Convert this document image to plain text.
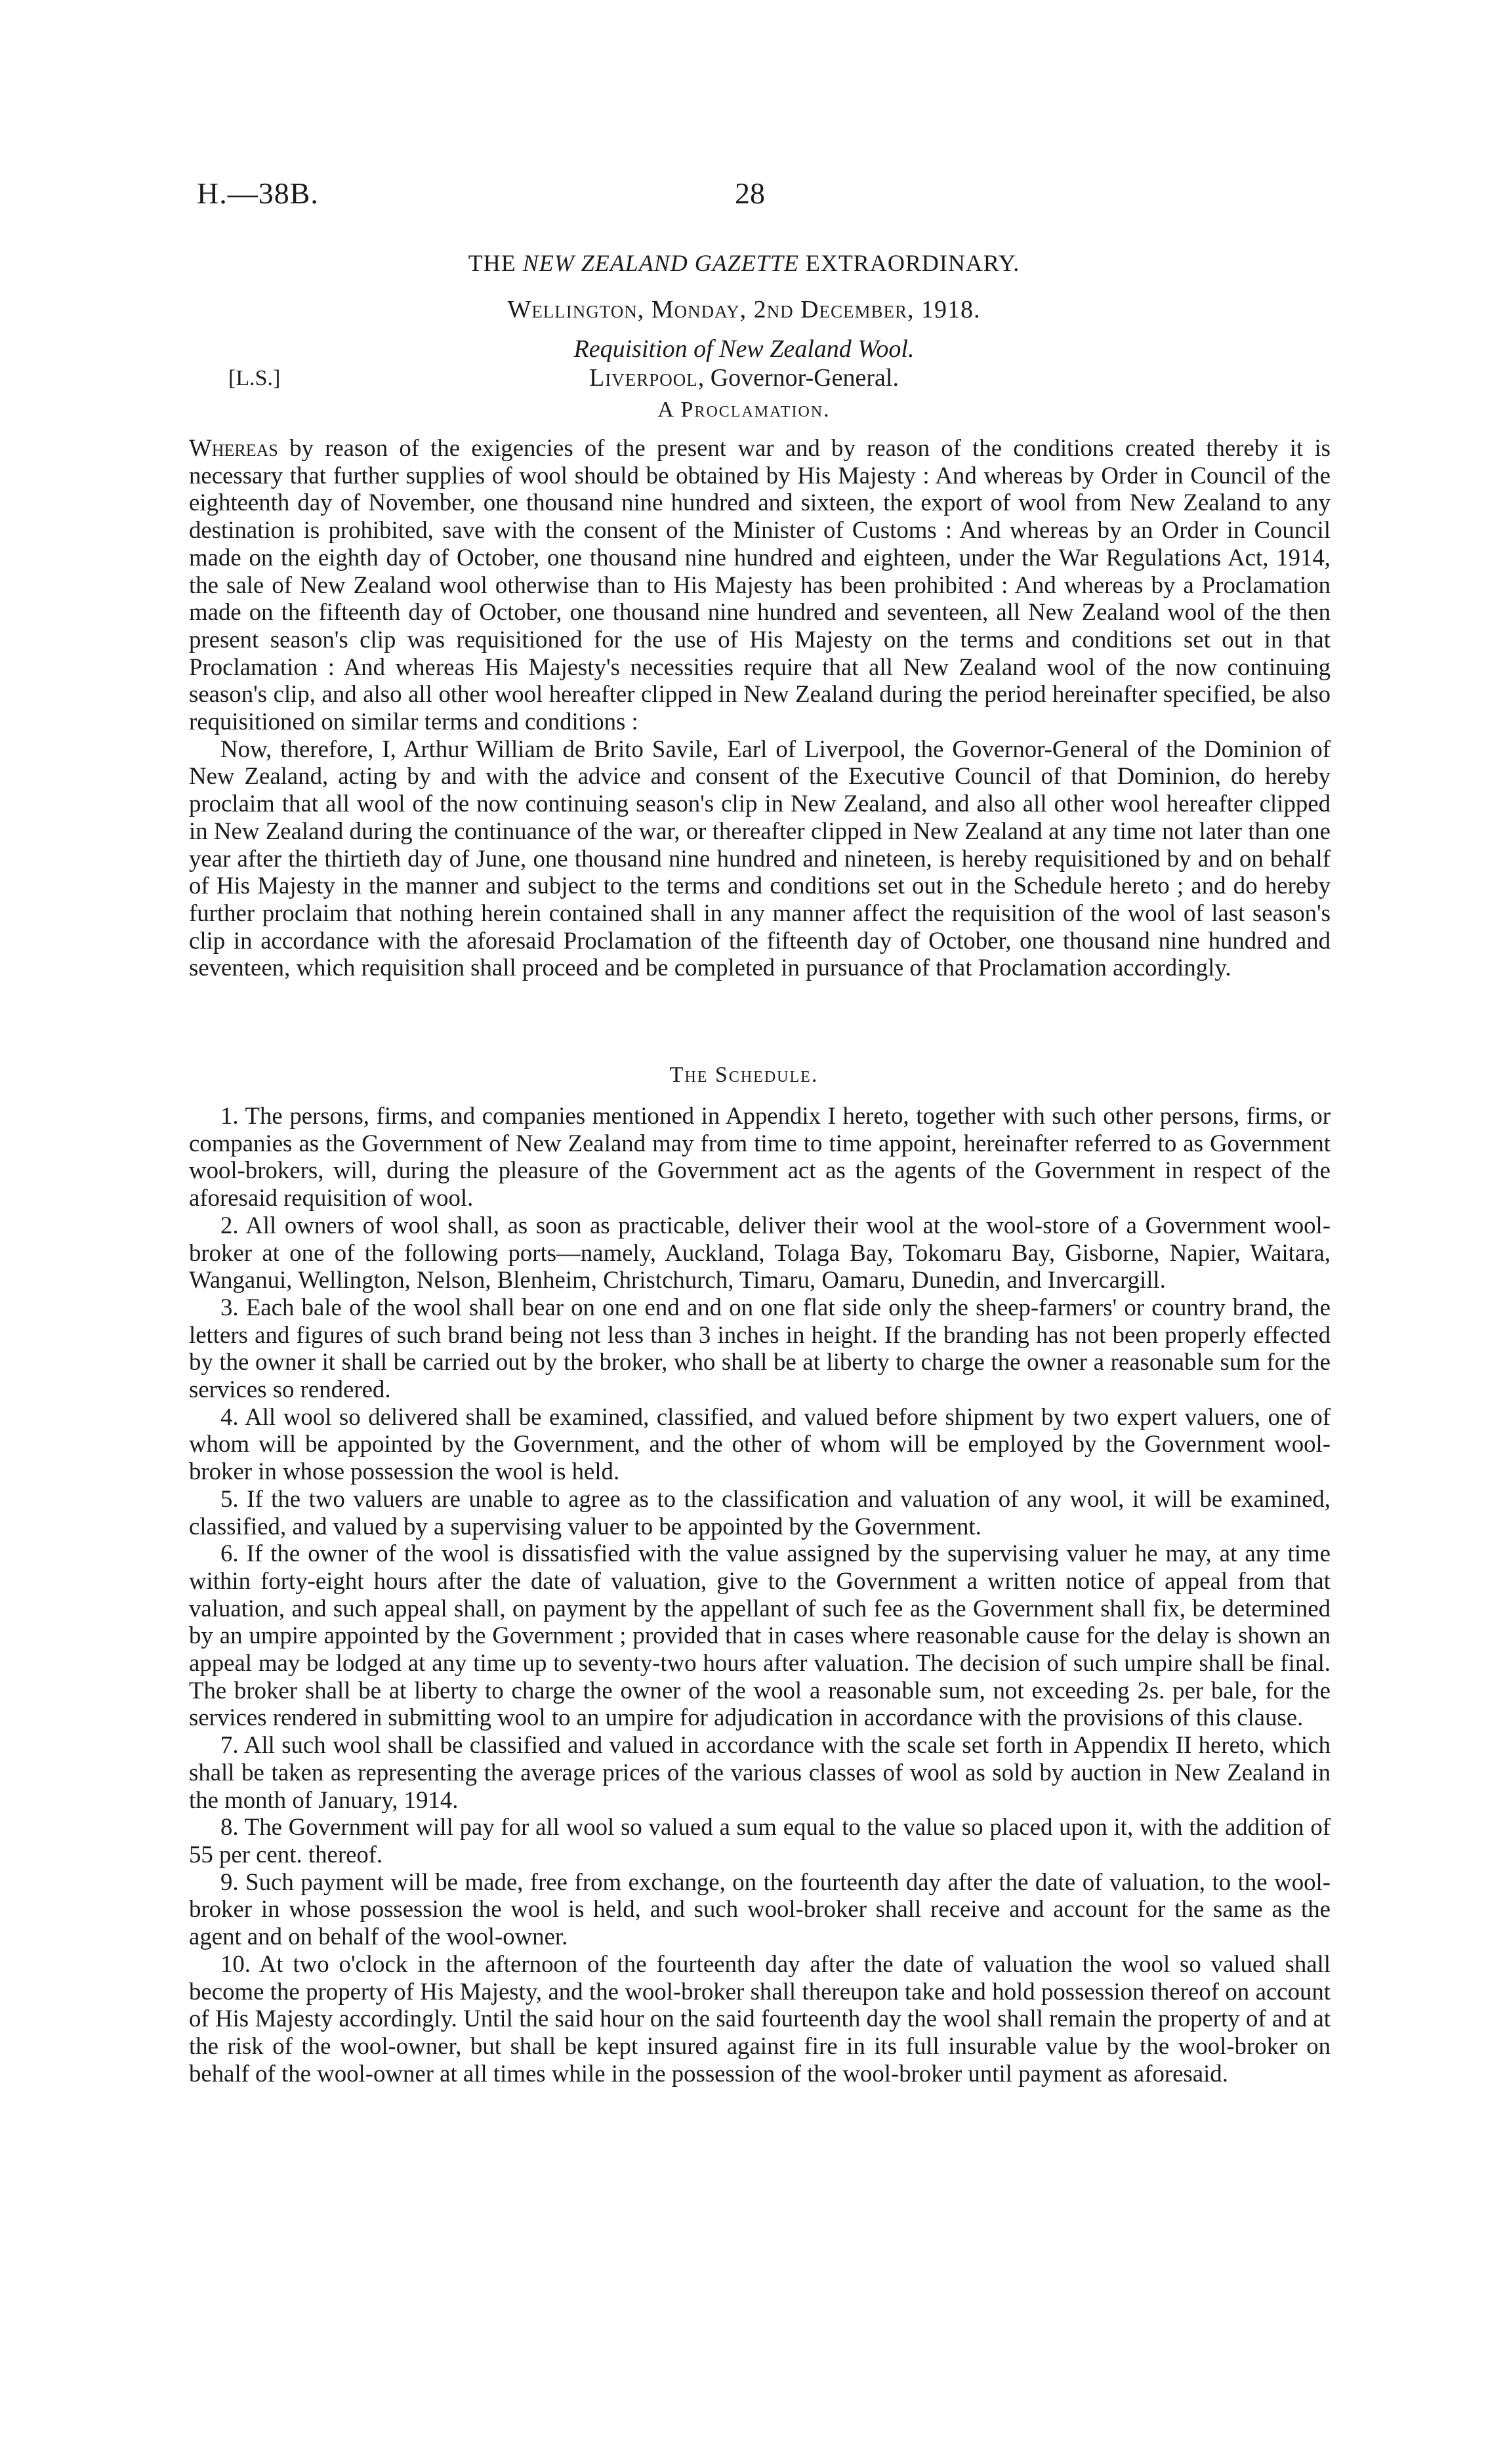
H.—38B.	28
THE NEW ZEALAND GAZETTE EXTRAORDINARY.
Wellington, Monday, 2nd December, 1918.
Requisition of New Zealand Wool.
[L.S.]	Liverpool, Governor-General.
A Proclamation.

Whereas by reason of the exigencies of the present war and by reason of the conditions created thereby it is necessary that further supplies of wool should be obtained by His Majesty : And whereas by Order in Council of the eighteenth day of November, one thousand nine hundred and sixteen, the export of wool from New Zealand to any destination is prohibited, save with the consent of the Minister of Customs : And whereas by an Order in Council made on the eighth day of October, one thousand nine hundred and eighteen, under the War Regulations Act, 1914, the sale of New Zealand wool otherwise than to His Majesty has been prohibited : And whereas by a Proclamation made on the fifteenth day of October, one thousand nine hundred and seventeen, all New Zealand wool of the then present season's clip was requisitioned for the use of His Majesty on the terms and conditions set out in that Proclamation : And whereas His Majesty's necessities require that all New Zealand wool of the now continuing season's clip, and also all other wool hereafter clipped in New Zealand during the period hereinafter specified, be also requisitioned on similar terms and conditions :

Now, therefore, I, Arthur William de Brito Savile, Earl of Liverpool, the Governor-General of the Dominion of New Zealand, acting by and with the advice and consent of the Executive Council of that Dominion, do hereby proclaim that all wool of the now continuing season's clip in New Zealand, and also all other wool hereafter clipped in New Zealand during the continuance of the war, or thereafter clipped in New Zealand at any time not later than one year after the thirtieth day of June, one thousand nine hundred and nineteen, is hereby requisitioned by and on behalf of His Majesty in the manner and subject to the terms and conditions set out in the Schedule hereto ; and do hereby further proclaim that nothing herein contained shall in any manner affect the requisition of the wool of last season's clip in accordance with the aforesaid Proclamation of the fifteenth day of October, one thousand nine hundred and seventeen, which requisition shall proceed and be completed in pursuance of that Proclamation accordingly.

The Schedule.

1. The persons, firms, and companies mentioned in Appendix I hereto, together with such other persons, firms, or companies as the Government of New Zealand may from time to time appoint, hereinafter referred to as Government wool-brokers, will, during the pleasure of the Government act as the agents of the Government in respect of the aforesaid requisition of wool.

2. All owners of wool shall, as soon as practicable, deliver their wool at the wool-store of a Government wool-broker at one of the following ports—namely, Auckland, Tolaga Bay, Tokomaru Bay, Gisborne, Napier, Waitara, Wanganui, Wellington, Nelson, Blenheim, Christchurch, Timaru, Oamaru, Dunedin, and Invercargill.

3. Each bale of the wool shall bear on one end and on one flat side only the sheep-farmers' or country brand, the letters and figures of such brand being not less than 3 inches in height. If the branding has not been properly effected by the owner it shall be carried out by the broker, who shall be at liberty to charge the owner a reasonable sum for the services so rendered.

4. All wool so delivered shall be examined, classified, and valued before shipment by two expert valuers, one of whom will be appointed by the Government, and the other of whom will be employed by the Government wool-broker in whose possession the wool is held.

5. If the two valuers are unable to agree as to the classification and valuation of any wool, it will be examined, classified, and valued by a supervising valuer to be appointed by the Government.

6. If the owner of the wool is dissatisfied with the value assigned by the supervising valuer he may, at any time within forty-eight hours after the date of valuation, give to the Government a written notice of appeal from that valuation, and such appeal shall, on payment by the appellant of such fee as the Government shall fix, be determined by an umpire appointed by the Government ; provided that in cases where reasonable cause for the delay is shown an appeal may be lodged at any time up to seventy-two hours after valuation. The decision of such umpire shall be final. The broker shall be at liberty to charge the owner of the wool a reasonable sum, not exceeding 2s. per bale, for the services rendered in submitting wool to an umpire for adjudication in accordance with the provisions of this clause.

7. All such wool shall be classified and valued in accordance with the scale set forth in Appendix II hereto, which shall be taken as representing the average prices of the various classes of wool as sold by auction in New Zealand in the month of January, 1914.

8. The Government will pay for all wool so valued a sum equal to the value so placed upon it, with the addition of 55 per cent. thereof.

9. Such payment will be made, free from exchange, on the fourteenth day after the date of valuation, to the wool-broker in whose possession the wool is held, and such wool-broker shall receive and account for the same as the agent and on behalf of the wool-owner.

10. At two o'clock in the afternoon of the fourteenth day after the date of valuation the wool so valued shall become the property of His Majesty, and the wool-broker shall thereupon take and hold possession thereof on account of His Majesty accordingly. Until the said hour on the said fourteenth day the wool shall remain the property of and at the risk of the wool-owner, but shall be kept insured against fire in its full insurable value by the wool-broker on behalf of the wool-owner at all times while in the possession of the wool-broker until payment as aforesaid.
